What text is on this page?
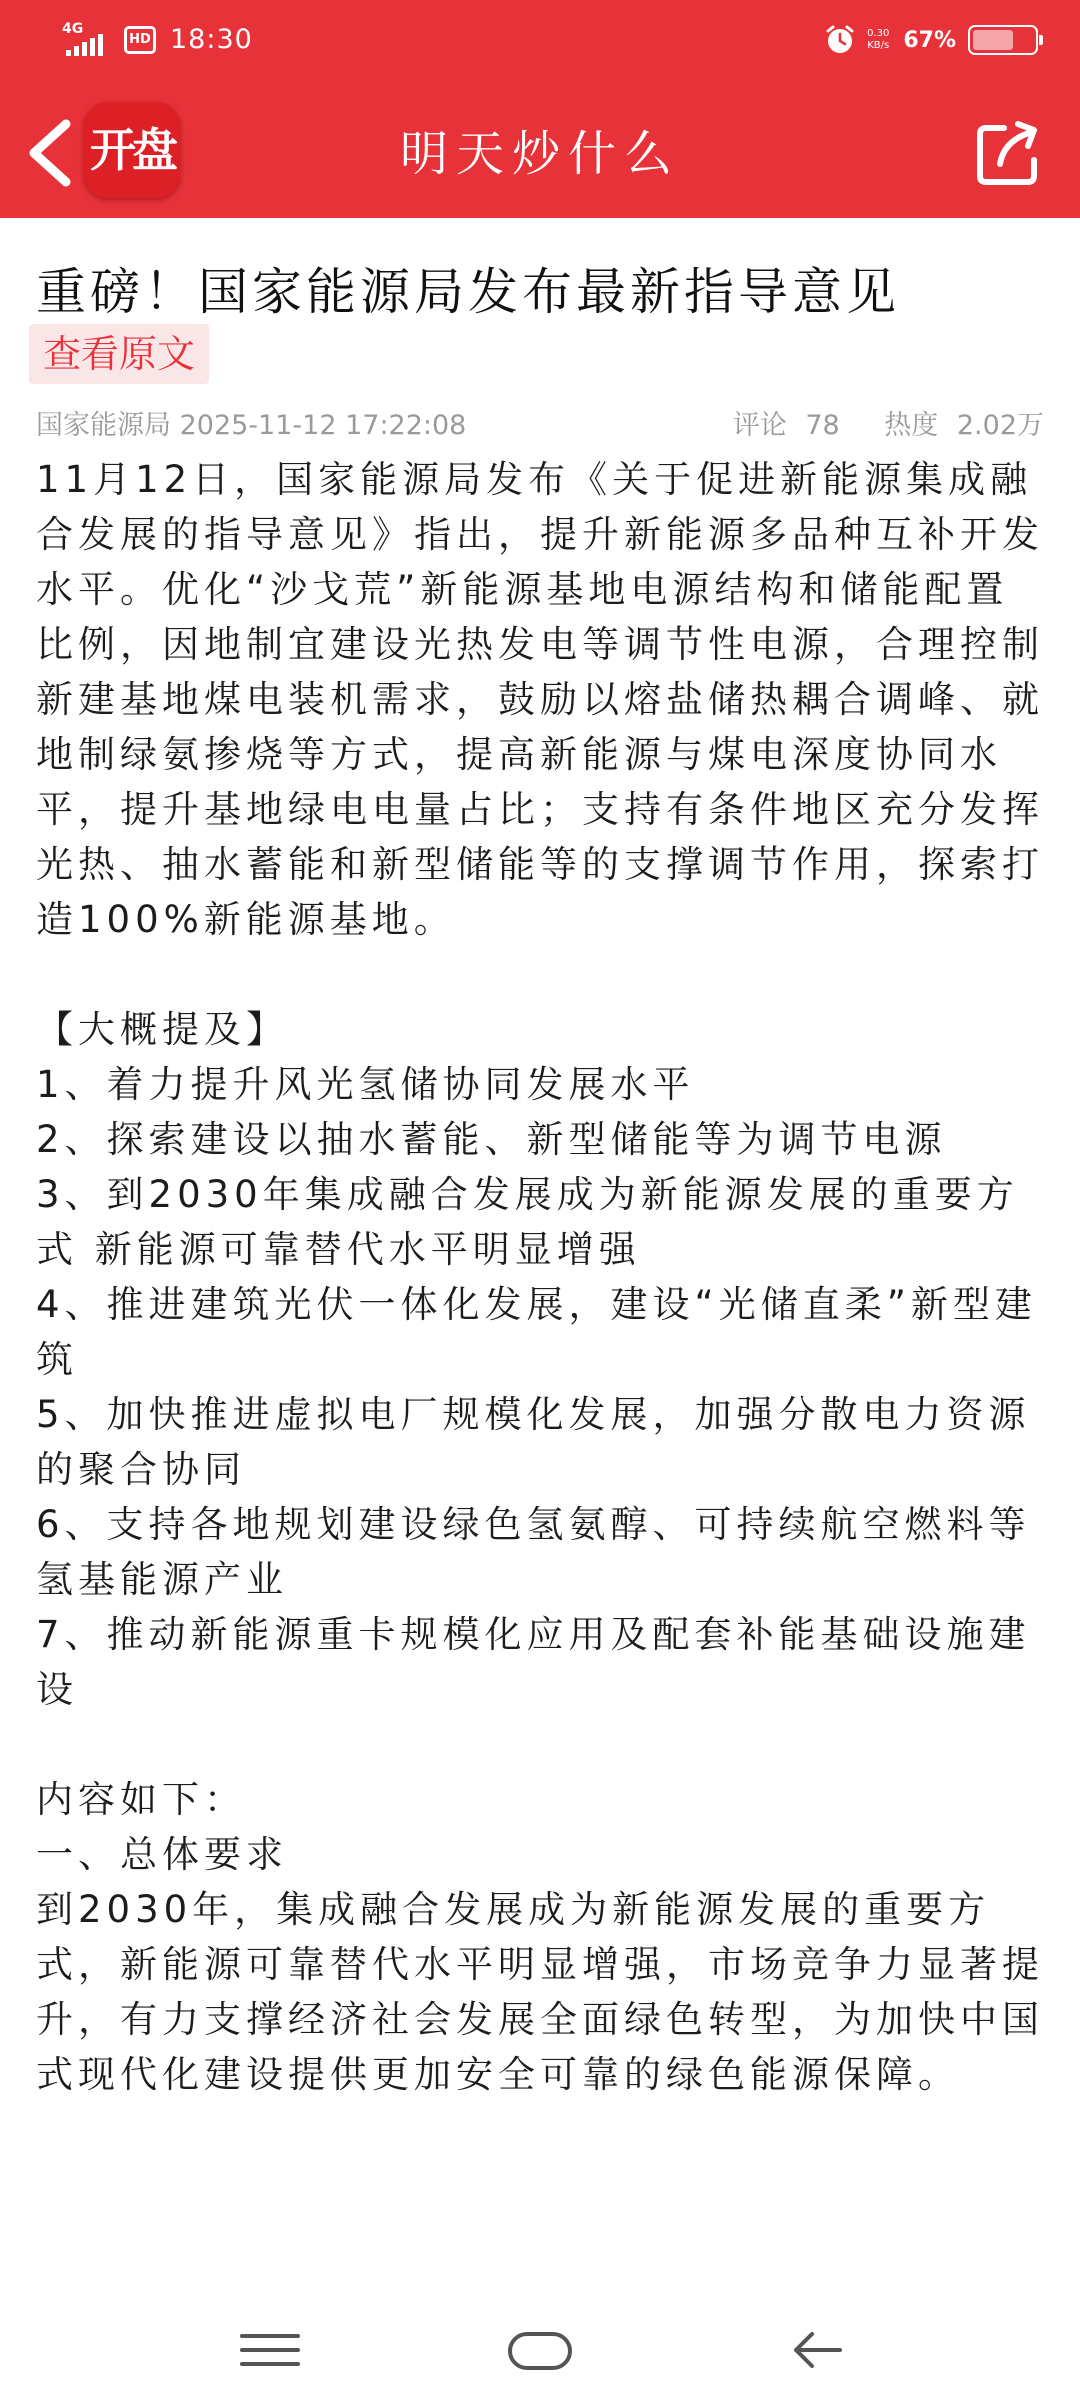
4G
HD 18:30	0.30
KB/s 67%
开盘	明天炒什么
重磅！国家能源局发布最新指导意见
查看原文
国家能源局 2025-11-12 17:22:08	评论 78 热度 2.02万

11月12日，国家能源局发布《关于促进新能源集成融合发展的指导意见》指出，提升新能源多品种互补开发水平。优化“沙戈荒”新能源基地电源结构和储能配置比例，因地制宜建设光热发电等调节性电源，合理控制新建基地煤电装机需求，鼓励以熔盐储热耦合调峰、就地制绿氨掺烧等方式，提高新能源与煤电深度协同水平，提升基地绿电电量占比；支持有条件地区充分发挥光热、抽水蓄能和新型储能等的支撑调节作用，探索打造100%新能源基地。

【大概提及】

1、着力提升风光氢储协同发展水平

2、探索建设以抽水蓄能、新型储能等为调节电源

3、到2030年集成融合发展成为新能源发展的重要方式 新能源可靠替代水平明显增强

4、推进建筑光伏一体化发展，建设“光储直柔”新型建筑

5、加快推进虚拟电厂规模化发展，加强分散电力资源的聚合协同

6、支持各地规划建设绿色氢氨醇、可持续航空燃料等氢基能源产业

7、推动新能源重卡规模化应用及配套补能基础设施建设

内容如下：

一、总体要求

到2030年，集成融合发展成为新能源发展的重要方式，新能源可靠替代水平明显增强，市场竞争力显著提升，有力支撑经济社会发展全面绿色转型，为加快中国式现代化建设提供更加安全可靠的绿色能源保障。
